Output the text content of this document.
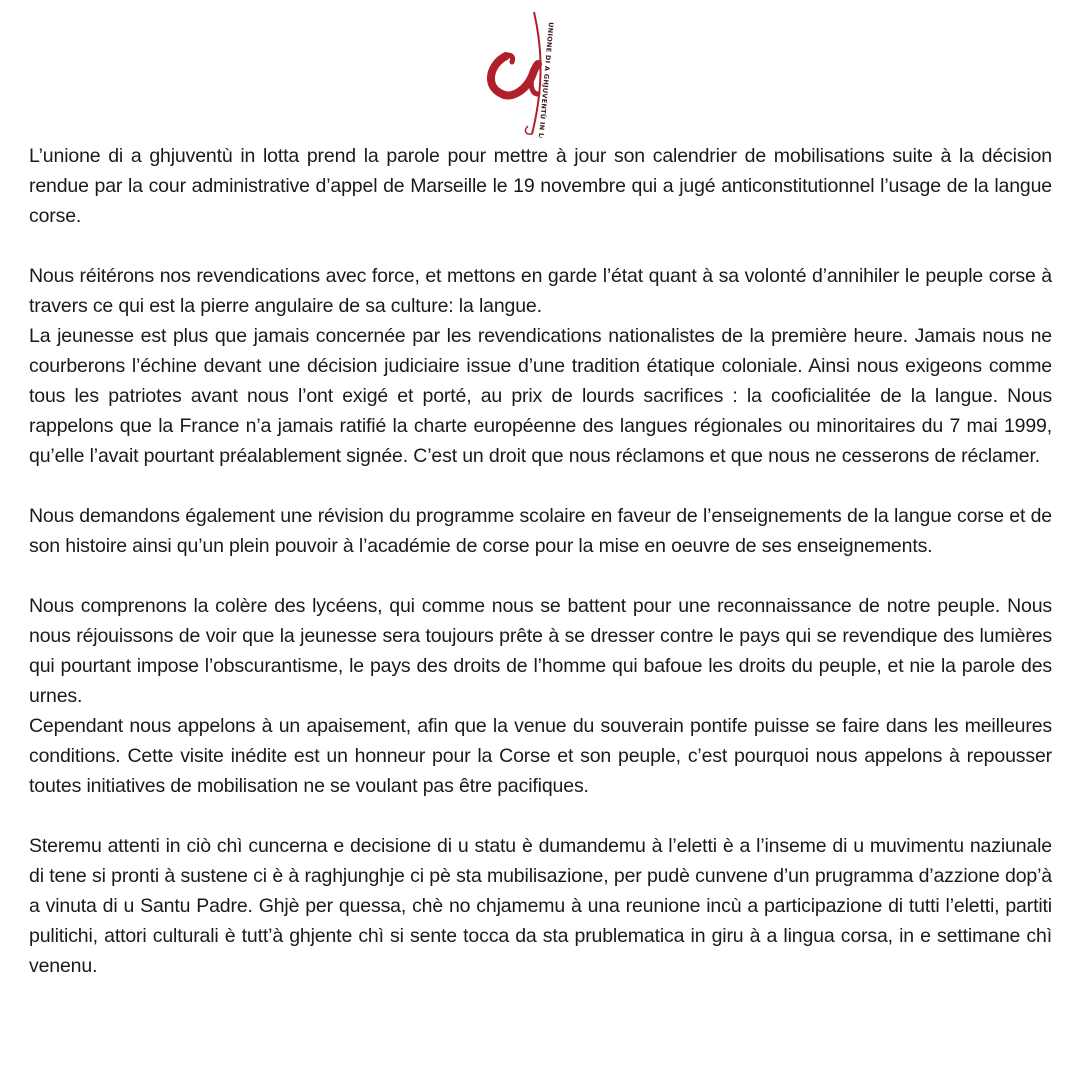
UNIONE DI A GHJUVENTÙ IN LOTTA

L’unione di a ghjuventù in lotta prend la parole pour mettre à jour son calendrier de mobilisations suite à la décision rendue par la cour administrative d’appel de Marseille le 19 novembre qui a jugé anticonstitutionnel l’usage de la langue corse.

Nous réitérons nos revendications avec force, et mettons en garde l’état quant à sa volonté d’annihiler le peuple corse à travers ce qui est la pierre angulaire de sa culture: la langue.

La jeunesse est plus que jamais concernée par les revendications nationalistes de la première heure. Jamais nous ne courberons l’échine devant une décision judiciaire issue d’une tradition étatique coloniale. Ainsi nous exigeons comme tous les patriotes avant nous l’ont exigé et porté, au prix de lourds sacrifices : la cooficialitée de la langue. Nous rappelons que la France n’a jamais ratifié la charte européenne des langues régionales ou minoritaires du 7 mai 1999, qu’elle l’avait pourtant préalablement signée. C’est un droit que nous réclamons et que nous ne cesserons de réclamer.

Nous demandons également une révision du programme scolaire en faveur de l’enseignements de la langue corse et de son histoire ainsi qu’un plein pouvoir à l’académie de corse pour la mise en oeuvre de ses enseignements.

Nous comprenons la colère des lycéens, qui comme nous se battent pour une reconnaissance de notre peuple. Nous nous réjouissons de voir que la jeunesse sera toujours prête à se dresser contre le pays qui se revendique des lumières qui pourtant impose l’obscurantisme, le pays des droits de l’homme qui bafoue les droits du peuple, et nie la parole des urnes.

Cependant nous appelons à un apaisement, afin que la venue du souverain pontife puisse se faire dans les meilleures conditions. Cette visite inédite est un honneur pour la Corse et son peuple, c’est pourquoi nous appelons à repousser toutes initiatives de mobilisation ne se voulant pas être pacifiques.

Steremu attenti in ciò chì cuncerna e decisione di u statu è dumandemu à l’eletti è a l’inseme di u muvimentu naziunale di tene si pronti à sustene ci è à raghjunghje ci pè sta mubilisazione, per pudè cunvene d’un prugramma d’azzione dop’à a vinuta di u Santu Padre. Ghjè per quessa, chè no chjamemu à una reunione incù a participazione di tutti l’eletti, partiti pulitichi, attori culturali è tutt’à ghjente chì si sente tocca da sta prublematica in giru à a lingua corsa, in e settimane chì venenu.
